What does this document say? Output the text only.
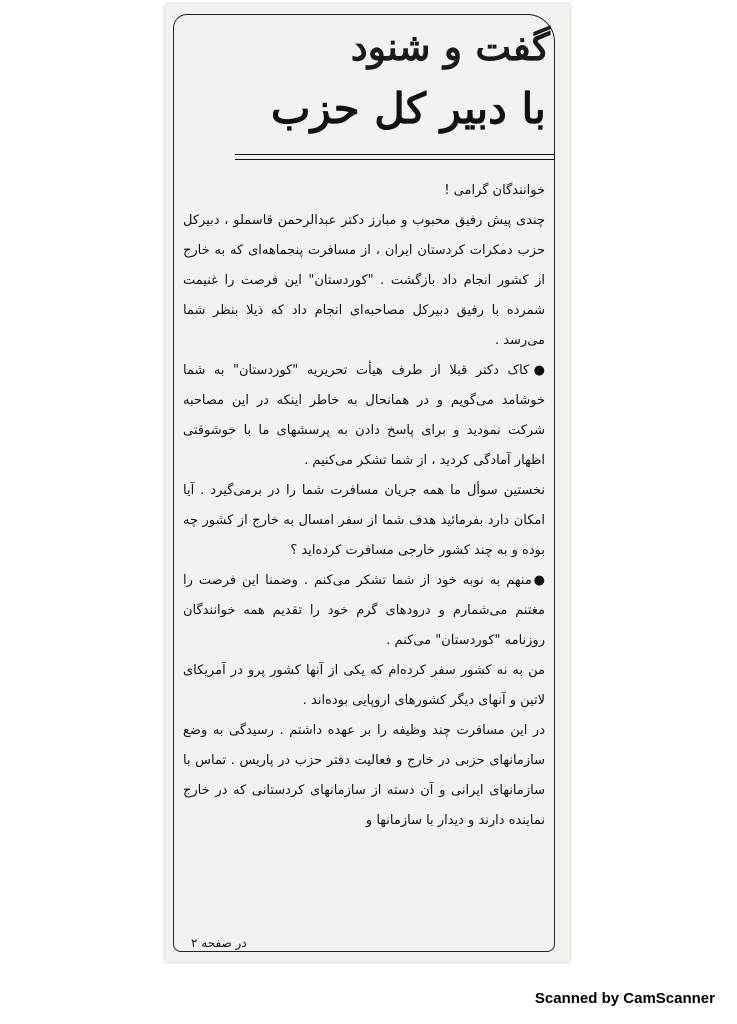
گفت و شنود
با دبیر کل حزب

خوانندگان گرامی !

چندی پیش رفیق محبوب و مبارز دکتر عبدالرحمن قاسملو ، دبیرکل حزب دمکرات کردستان ایران ، از مسافرت پنجماهه‌ای که به خارج از کشور انجام داد بازگشت . "کوردستان" این فرصت را غنیمت شمرده با رفیق دبیرکل مصاحبه‌ای انجام داد که ذیلا بنظر شما می‌رسد .

●کاک دکتر قبلا از طرف هیأت تحریریه "کوردستان" به شما خوشامد می‌گویم و در همانحال به خاطر اینکه در این مصاحبه شرکت نمودید و برای پاسخ دادن به پرسشهای ما با خوشوقتی اظهار آمادگی کردید ، از شما تشکر می‌کنیم .

نخستین سوأل ما همه جریان مسافرت شما را در برمی‌گیرد . آیا امکان دارد بفرمائید هدف شما از سفر امسال به خارج از کشور چه بوده و به چند کشور خارجی مسافرت کرده‌اید ؟

●منهم به نوبه خود از شما تشکر می‌کنم . وضمنا این فرصت را مغتنم می‌شمارم و درودهای گرم خود را تقدیم همه خوانندگان روزنامه "کوردستان" می‌کنم .

من به نه کشور سفر کرده‌ام که یکی از آنها کشور پرو در آمریکای لاتین و آنهای دیگر کشورهای اروپایی بوده‌اند .

در این مسافرت چند وظیفه را بر عهده داشتم . رسیدگی به وضع سازمانهای حزبی در خارج و فعالیت دفتر حزب در پاریس . تماس با سازمانهای ایرانی و آن دسته از سازمانهای کردستانی که در خارج نماینده دارند و دیدار با سازمانها و

در صفحه ۲
Scanned by CamScanner
